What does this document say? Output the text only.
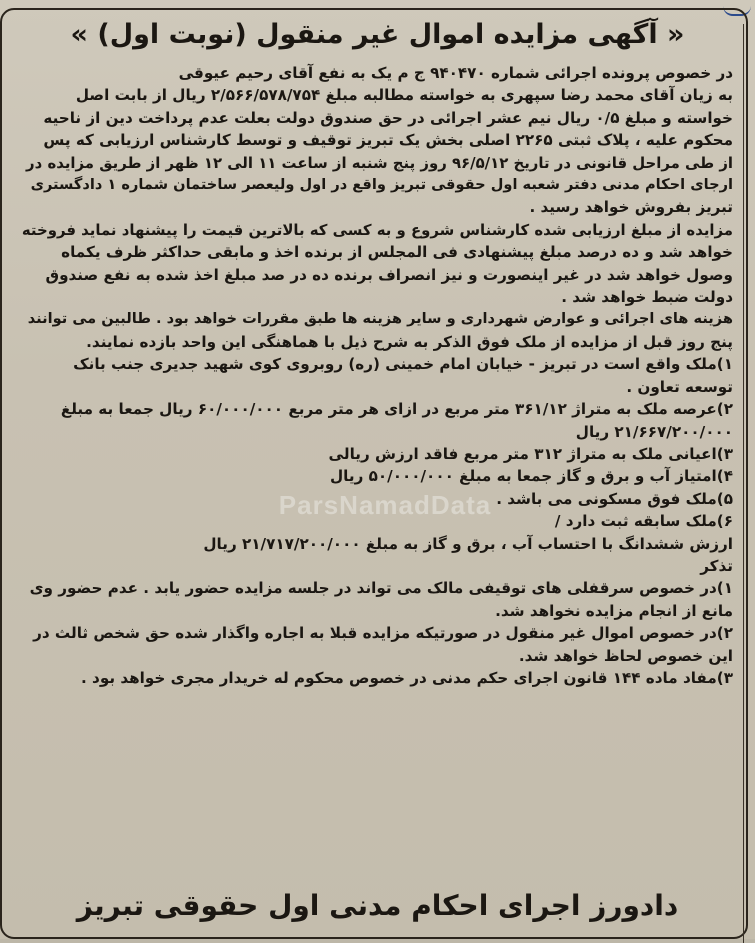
« آگهی مزایده اموال غیر منقول (نوبت اول) »
در خصوص پرونده اجرائی شماره ۹۴۰۴۷۰ ج م یک به نفع آقای رحیم عیوقی
به زیان آقای محمد رضا سپهری به خواسته مطالبه مبلغ ۲/۵۶۶/۵۷۸/۷۵۴ ریال از بابت اصل
خواسته و مبلغ ۰/۵ ریال نیم عشر اجرائی در حق صندوق دولت بعلت عدم پرداخت دین از ناحیه
محکوم علیه ، پلاک ثبتی ۲۲۶۵ اصلی بخش یک تبریز توقیف و توسط کارشناس ارزیابی که پس
از طی مراحل قانونی در تاریخ ۹۶/۵/۱۲ روز پنج شنبه از ساعت ۱۱ الی ۱۲ ظهر از طریق مزایده در
ارجای احکام مدنی دفتر شعبه اول حقوقی تبریز واقع در اول ولیعصر ساختمان شماره ۱ دادگستری
تبریز بفروش خواهد رسید .
مزایده از مبلغ ارزیابی شده کارشناس شروع و به کسی که بالاترین قیمت را پیشنهاد نماید فروخته
خواهد شد و ده درصد مبلغ پیشنهادی فی المجلس از برنده اخذ و مابقی حداکثر ظرف یکماه
وصول خواهد شد در غیر اینصورت و نیز انصراف برنده ده در صد مبلغ اخذ شده به نفع صندوق
دولت ضبط خواهد شد .
هزینه های اجرائی و عوارض شهرداری و سایر هزینه ها طبق مقررات خواهد بود . طالبین می توانند
پنج روز قبل از مزایده از ملک فوق الذکر به شرح ذیل با هماهنگی این واحد بازده نمایند.
۱)ملک واقع است در تبریز - خیابان امام خمینی (ره) روبروی کوی شهید جدیری جنب بانک
توسعه تعاون .
۲)عرصه ملک به متراژ ۳۶۱/۱۲ متر مربع در ازای هر متر مربع ۶۰/۰۰۰/۰۰۰ ریال جمعا به مبلغ
۲۱/۶۶۷/۲۰۰/۰۰۰ ریال
۳)اعیانی ملک به متراژ ۳۱۲ متر مربع فاقد ارزش ریالی
۴)امتیاز آب و برق و گاز جمعا به مبلغ ۵۰/۰۰۰/۰۰۰ ریال
۵)ملک فوق مسکونی می باشد .
۶)ملک سابقه ثبت دارد /
ارزش ششدانگ با احتساب آب ، برق و گاز به مبلغ ۲۱/۷۱۷/۲۰۰/۰۰۰ ریال
تذکر
۱)در خصوص سرقفلی های توقیفی مالک می تواند در جلسه مزایده حضور یابد . عدم حضور وی
مانع از انجام مزایده نخواهد شد.
۲)در خصوص اموال غیر منقول در صورتیکه مزایده قبلا به اجاره واگذار شده حق شخص ثالث در
این خصوص لحاظ خواهد شد.
۳)مفاد ماده ۱۴۴ قانون اجرای حکم مدنی در خصوص محکوم له خریدار مجری خواهد بود .
ParsNamadData
دادورز اجرای احکام مدنی اول حقوقی تبریز
